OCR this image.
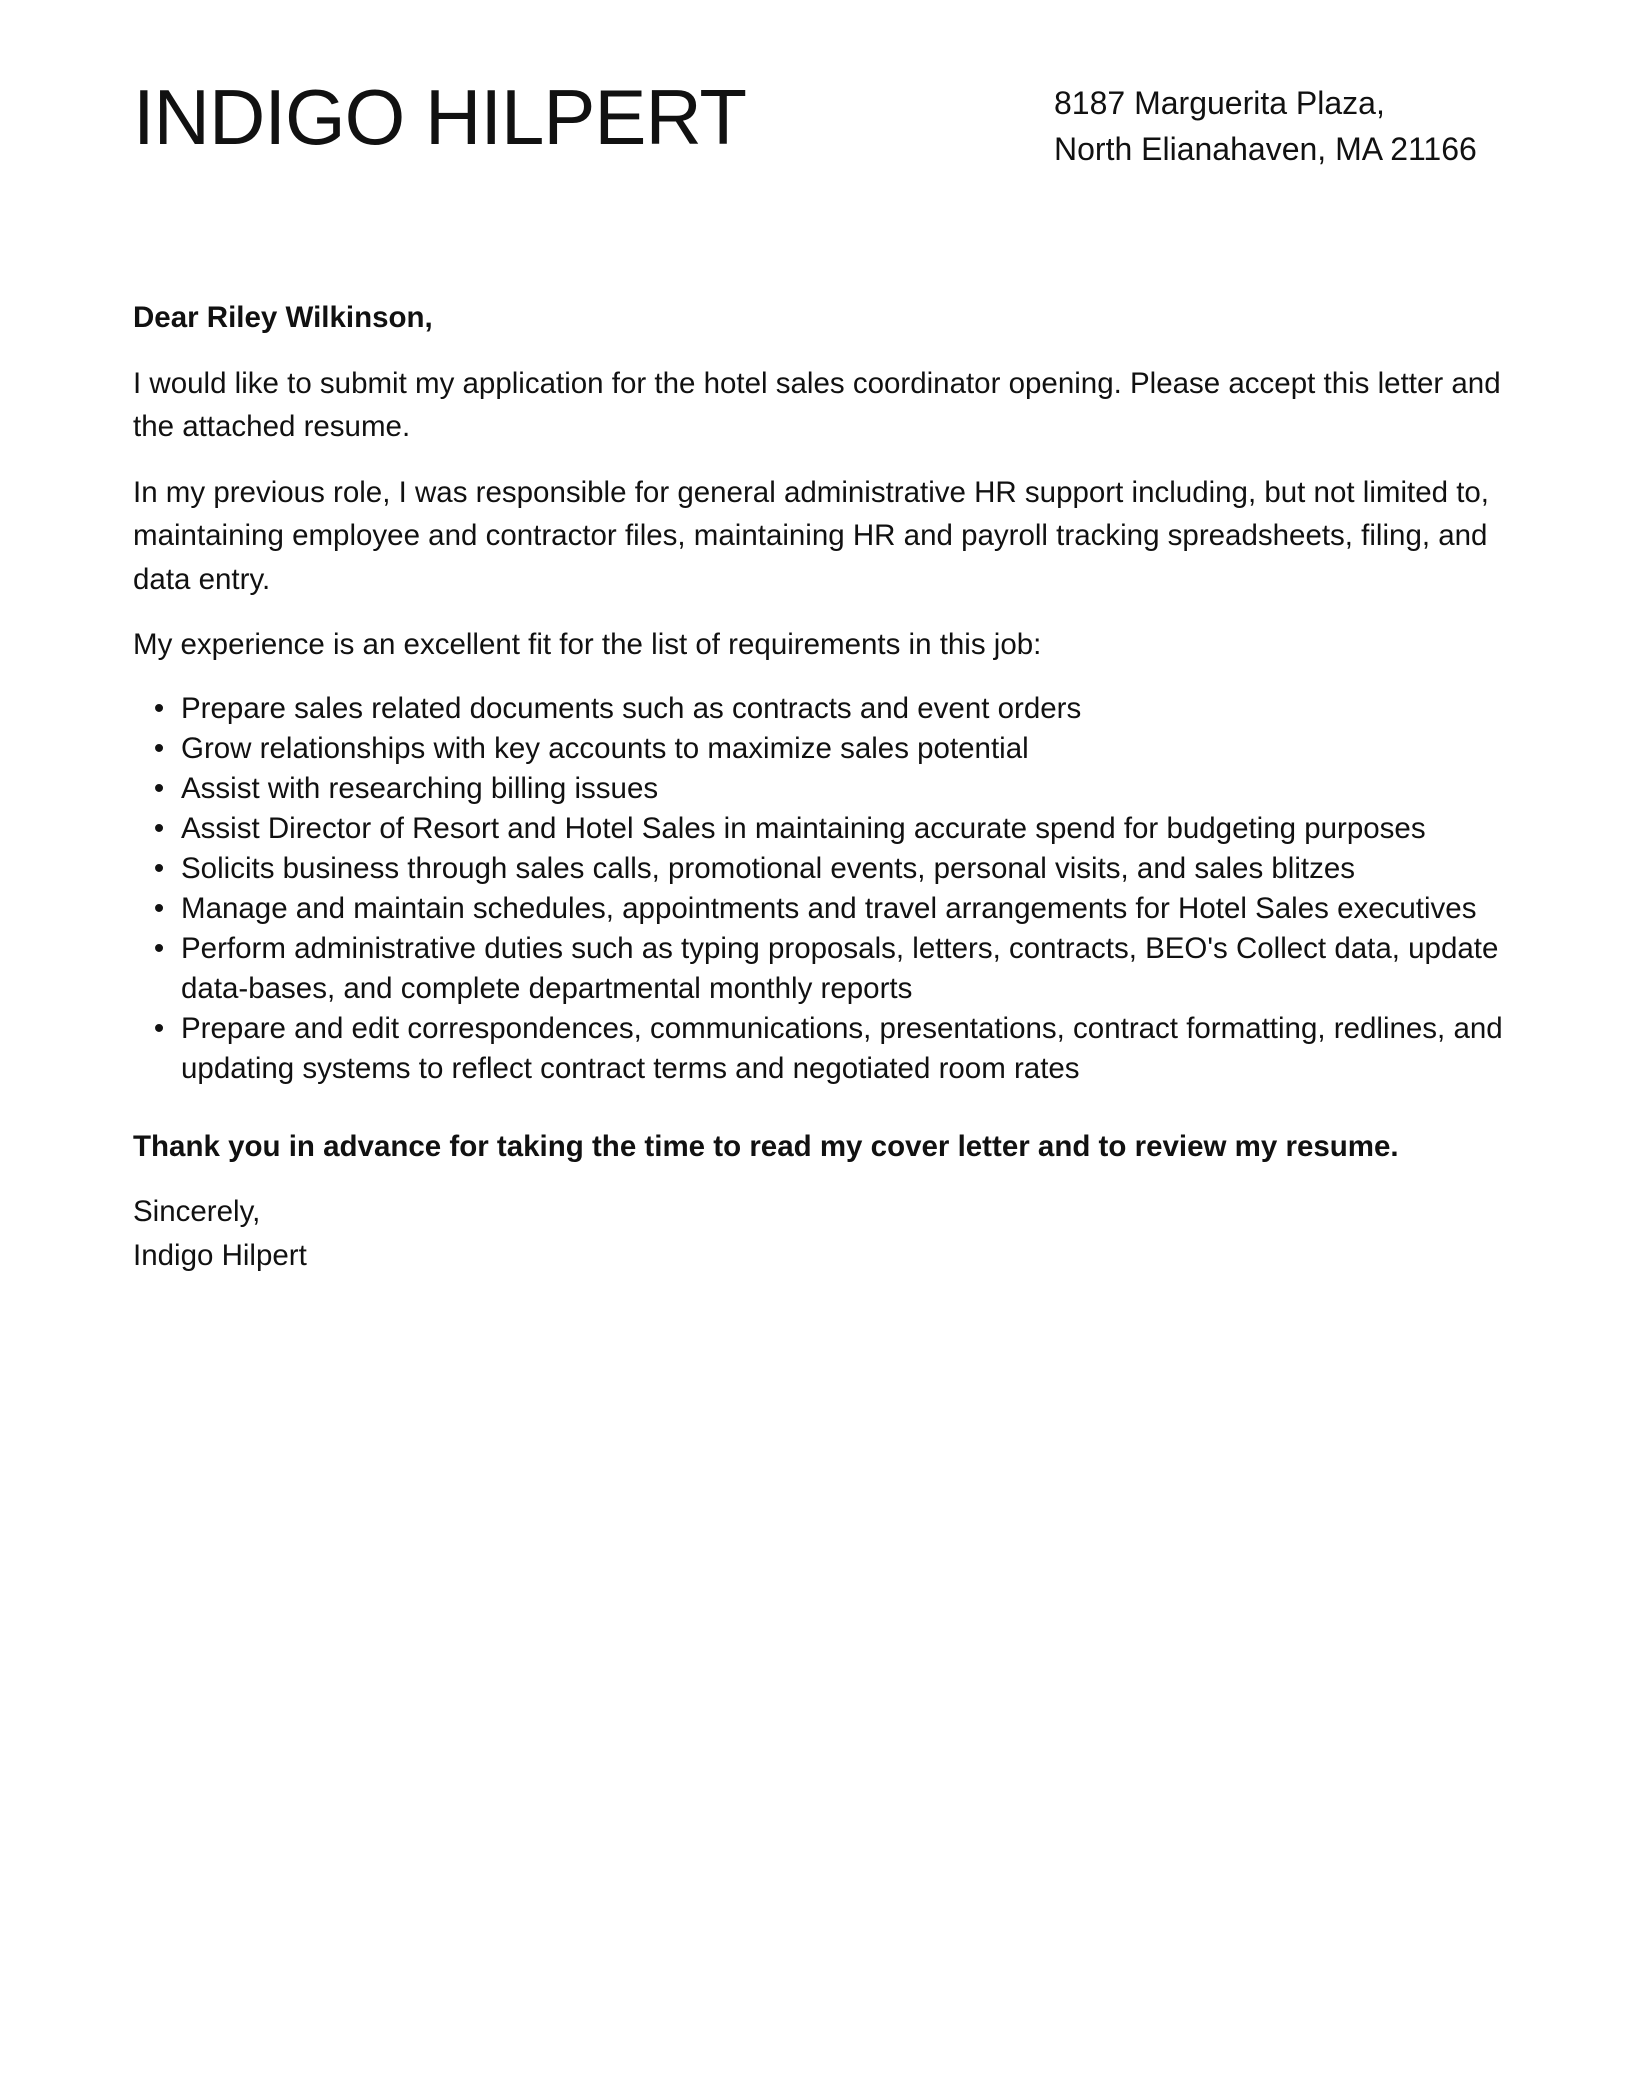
INDIGO HILPERT	8187 Marguerita Plaza,
North Elianahaven, MA 21166

Dear Riley Wilkinson,

I would like to submit my application for the hotel sales coordinator opening. Please accept this letter and the attached resume.

In my previous role, I was responsible for general administrative HR support including, but not limited to, maintaining employee and contractor files, maintaining HR and payroll tracking spreadsheets, filing, and data entry.

My experience is an excellent fit for the list of requirements in this job:

• Prepare sales related documents such as contracts and event orders
• Grow relationships with key accounts to maximize sales potential
• Assist with researching billing issues
• Assist Director of Resort and Hotel Sales in maintaining accurate spend for budgeting purposes
• Solicits business through sales calls, promotional events, personal visits, and sales blitzes
• Manage and maintain schedules, appointments and travel arrangements for Hotel Sales executives
• Perform administrative duties such as typing proposals, letters, contracts, BEO's Collect data, update data-bases, and complete departmental monthly reports
• Prepare and edit correspondences, communications, presentations, contract formatting, redlines, and updating systems to reflect contract terms and negotiated room rates

Thank you in advance for taking the time to read my cover letter and to review my resume.

Sincerely,
Indigo Hilpert
